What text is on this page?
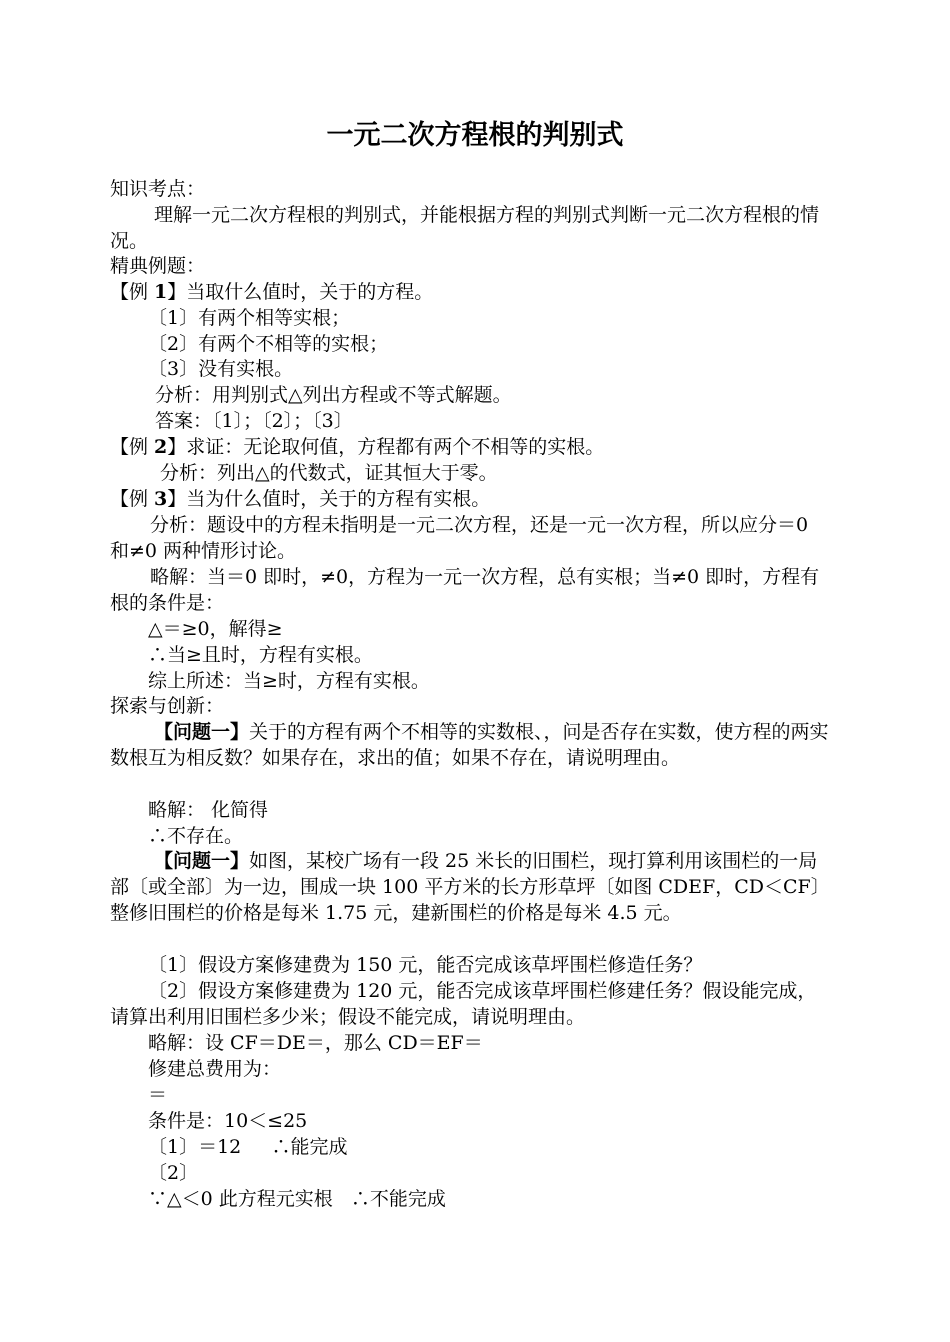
一元二次方程根的判别式
知识考点：
理解一元二次方程根的判别式，并能根据方程的判别式判断一元二次方程根的情况。
精典例题：
【例 1】当取什么值时，关于的方程。
〔1〕有两个相等实根；
〔2〕有两个不相等的实根；
〔3〕没有实根。
分析：用判别式△列出方程或不等式解题。
答案：〔1〕；〔2〕；〔3〕
【例 2】求证：无论取何值，方程都有两个不相等的实根。
分析：列出△的代数式，证其恒大于零。
【例 3】当为什么值时，关于的方程有实根。
分析：题设中的方程未指明是一元二次方程，还是一元一次方程，所以应分＝0 和≠0 两种情形讨论。
略解：当＝0 即时，≠0，方程为一元一次方程，总有实根；当≠0 即时，方程有根的条件是：
△＝≥0，解得≥
∴当≥且时，方程有实根。
综上所述：当≥时，方程有实根。
探索与创新：
【问题一】关于的方程有两个不相等的实数根、，问是否存在实数，使方程的两实数根互为相反数？如果存在，求出的值；如果不存在，请说明理由。
略解： 化简得
∴不存在。
【问题一】如图，某校广场有一段 25 米长的旧围栏，现打算利用该围栏的一局部〔或全部〕为一边，围成一块 100 平方米的长方形草坪〔如图 CDEF，CD＜CF〕整修旧围栏的价格是每米 1.75 元，建新围栏的价格是每米 4.5 元。
〔1〕假设方案修建费为 150 元，能否完成该草坪围栏修造任务？
〔2〕假设方案修建费为 120 元，能否完成该草坪围栏修建任务？假设能完成，请算出利用旧围栏多少米；假设不能完成，请说明理由。
略解：设 CF＝DE＝，那么 CD＝EF＝
修建总费用为：
＝
条件是：10＜≤25
〔1〕＝12     ∴能完成
〔2〕
∵△＜0 此方程元实根   ∴不能完成
